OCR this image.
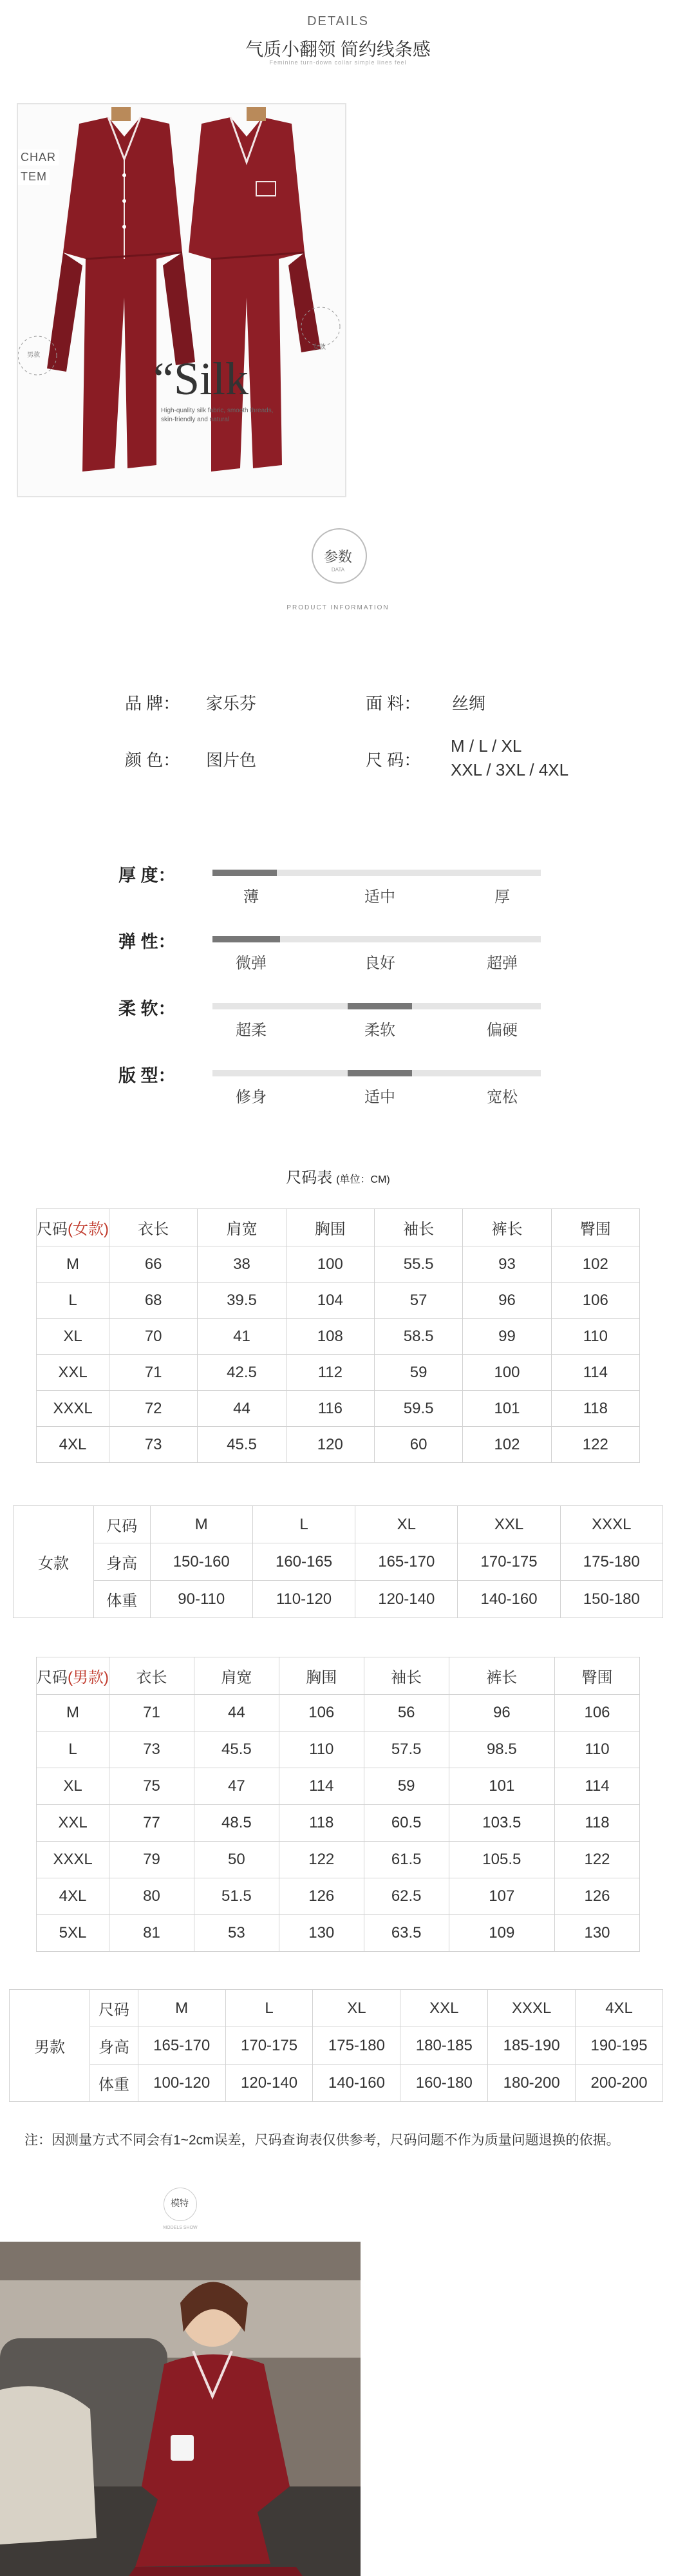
DETAILS
气质小翻领 简约线条感
Feminine turn-down collar simple lines feel
CHAR
TEM
男款
女款
“Silk
High-quality silk fabric, smooth threads,
skin-friendly and natural
参数
DATA
PRODUCT INFORMATION
品 牌： 家乐芬	面 料： 丝绸
颜 色： 图片色	尺 码：
M / L / XL
XXL / 3XL / 4XL
厚 度：
薄	适中	厚
弹 性：
微弹	良好	超弹
柔 软：
超柔	柔软	偏硬
版 型：
修身	适中	宽松
尺码表 (单位：CM)
尺码(女款)	衣长	肩宽	胸围	袖长	裤长	臀围
M	66	38	100	55.5	93	102
L	68	39.5	104	57	96	106
XL	70	41	108	58.5	99	110
XXL	71	42.5	112	59	100	114
XXXL	72	44	116	59.5	101	118
4XL	73	45.5	120	60	102	122
女款	尺码	M	L	XL	XXL	XXXL
	身高	150-160	160-165	165-170	170-175	175-180
	体重	90-110	110-120	120-140	140-160	150-180
尺码(男款)	衣长	肩宽	胸围	袖长	裤长	臀围
M	71	44	106	56	96	106
L	73	45.5	110	57.5	98.5	110
XL	75	47	114	59	101	114
XXL	77	48.5	118	60.5	103.5	118
XXXL	79	50	122	61.5	105.5	122
4XL	80	51.5	126	62.5	107	126
5XL	81	53	130	63.5	109	130
男款	尺码	M	L	XL	XXL	XXXL	4XL
	身高	165-170	170-175	175-180	180-185	185-190	190-195
	体重	100-120	120-140	140-160	160-180	180-200	200-200
注：因测量方式不同会有1~2cm误差，尺码查询表仅供参考，尺码问题不作为质量问题退换的依据。
模特
MODELS SHOW
